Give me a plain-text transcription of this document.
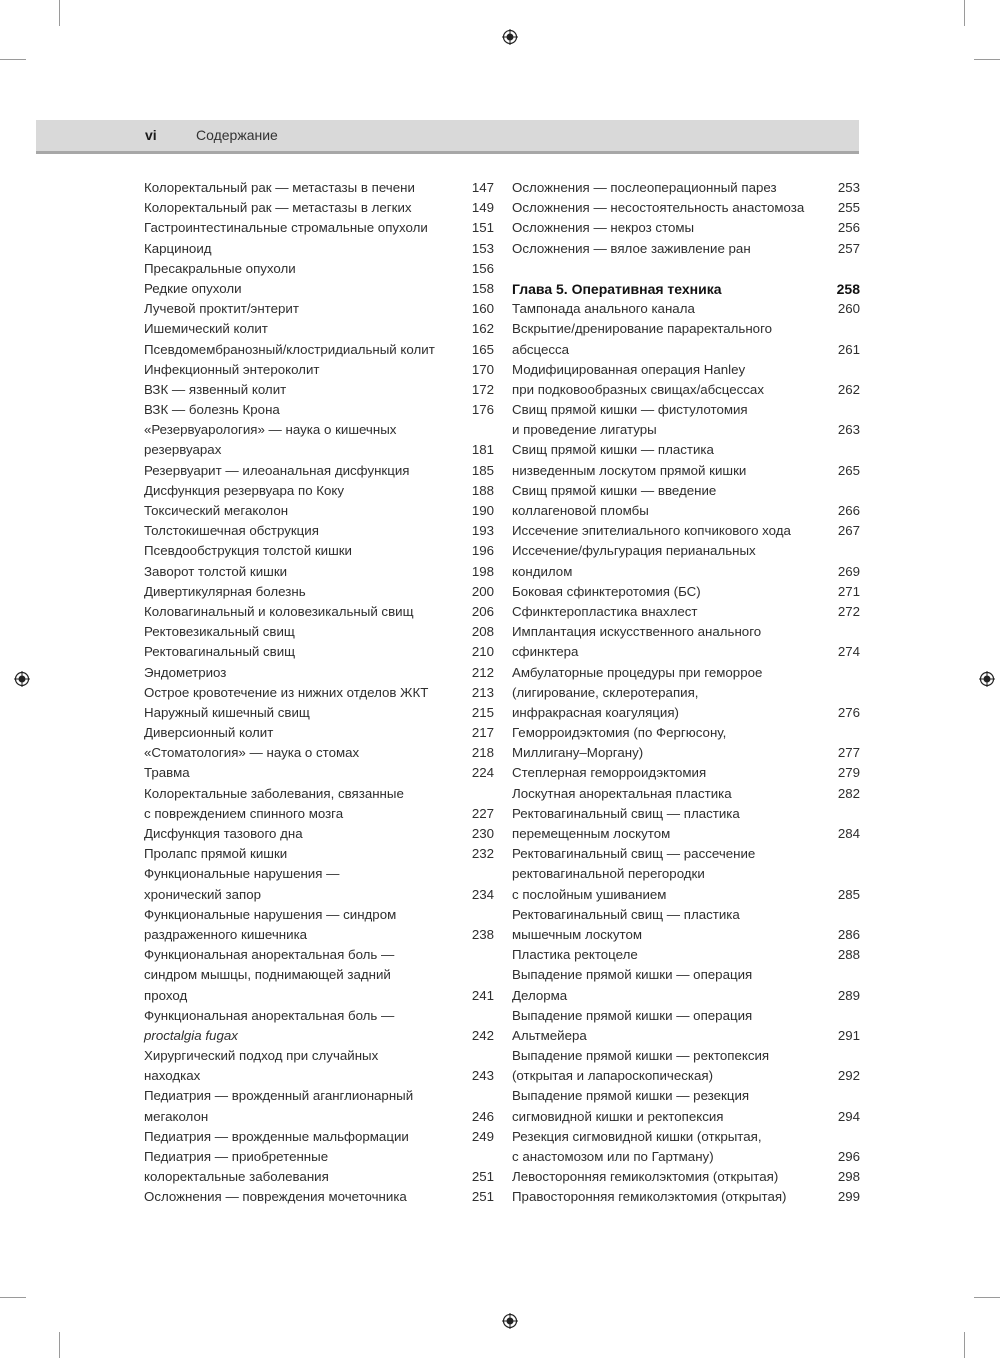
vi	Содержание
Колоректальный рак — метастазы в печени	147
Колоректальный рак — метастазы в легких	149
Гастроинтестинальные стромальные опухоли	151
Карциноид	153
Пресакральные опухоли	156
Редкие опухоли	158
Лучевой проктит/энтерит	160
Ишемический колит	162
Псевдомембранозный/клостридиальный колит	165
Инфекционный энтероколит	170
ВЗК — язвенный колит	172
ВЗК — болезнь Крона	176
«Резервуарология» — наука о кишечных
резервуарах	181
Резервуарит — илеоанальная дисфункция	185
Дисфункция резервуара по Коку	188
Токсический мегаколон	190
Толстокишечная обструкция	193
Псевдообструкция толстой кишки	196
Заворот толстой кишки	198
Дивертикулярная болезнь	200
Коловагинальный и коловезикальный свищ	206
Ректовезикальный свищ	208
Ректовагинальный свищ	210
Эндометриоз	212
Острое кровотечение из нижних отделов ЖКТ	213
Наружный кишечный свищ	215
Диверсионный колит	217
«Стоматология» — наука о стомах	218
Травма	224
Колоректальные заболевания, связанные
с повреждением спинного мозга	227
Дисфункция тазового дна	230
Пролапс прямой кишки	232
Функциональные нарушения —
хронический запор	234
Функциональные нарушения — синдром
раздраженного кишечника	238
Функциональная аноректальная боль —
синдром мышцы, поднимающей задний
проход	241
Функциональная аноректальная боль —
proctalgia fugax	242
Хирургический подход при случайных
находках	243
Педиатрия — врожденный аганглионарный
мегаколон	246
Педиатрия — врожденные мальформации	249
Педиатрия — приобретенные
колоректальные заболевания	251
Осложнения — повреждения мочеточника	251
Осложнения — послеоперационный парез	253
Осложнения — несостоятельность анастомоза	255
Осложнения — некроз стомы	256
Осложнения — вялое заживление ран	257
Глава 5. Оперативная техника	258
Тампонада анального канала	260
Вскрытие/дренирование параректального
абсцесса	261
Модифицированная операция Hanley
при подковообразных свищах/абсцессах	262
Свищ прямой кишки — фистулотомия
и проведение лигатуры	263
Свищ прямой кишки — пластика
низведенным лоскутом прямой кишки	265
Свищ прямой кишки — введение
коллагеновой пломбы	266
Иссечение эпителиального копчикового хода	267
Иссечение/фульгурация перианальных
кондилом	269
Боковая сфинктеротомия (БС)	271
Сфинктеропластика внахлест	272
Имплантация искусственного анального
сфинктера	274
Амбулаторные процедуры при геморрое
(лигирование, склеротерапия,
инфракрасная коагуляция)	276
Геморроидэктомия (по Фергюсону,
Миллигану–Моргану)	277
Степлерная геморроидэктомия	279
Лоскутная аноректальная пластика	282
Ректовагинальный свищ — пластика
перемещенным лоскутом	284
Ректовагинальный свищ — рассечение
ректовагинальной перегородки
с послойным ушиванием	285
Ректовагинальный свищ — пластика
мышечным лоскутом	286
Пластика ректоцеле	288
Выпадение прямой кишки — операция
Делорма	289
Выпадение прямой кишки — операция
Альтмейера	291
Выпадение прямой кишки — ректопексия
(открытая и лапароскопическая)	292
Выпадение прямой кишки — резекция
сигмовидной кишки и ректопексия	294
Резекция сигмовидной кишки (открытая,
с анастомозом или по Гартману)	296
Левосторонняя гемиколэктомия (открытая)	298
Правосторонняя гемиколэктомия (открытая)	299
